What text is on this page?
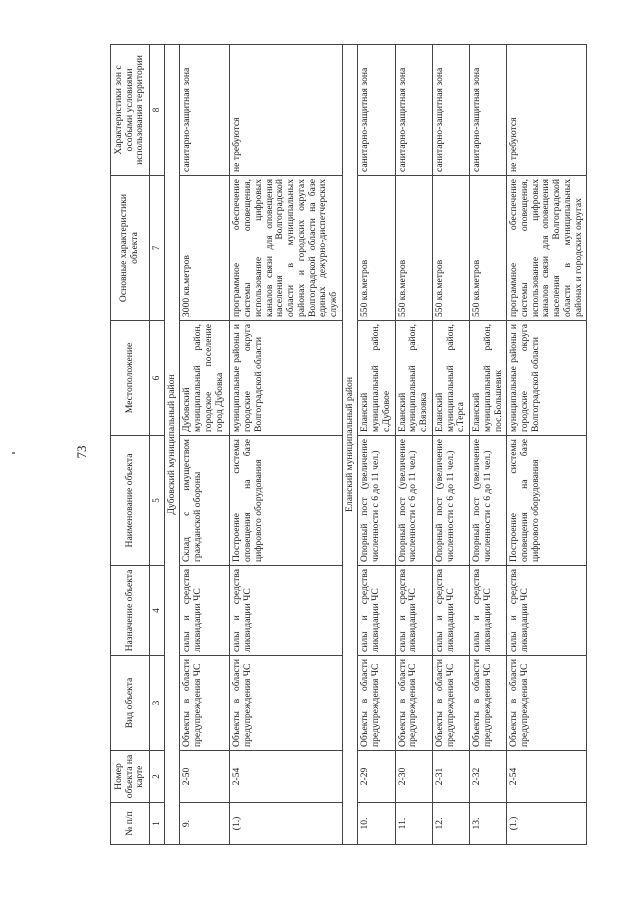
73
№ п/п	Номер объекта на карте	Вид объекта	Назначение объекта	Наименование объекта	Местоположение	Основные характеристики объекта	Характеристики зон с особыми условиями использования территории
1	2	3	4	5	6	7	8
Дубовский муниципальный район							
9.	2-50	Объекты в области предупреждения ЧС	силы и средства ликвидации ЧС	Склад с имуществом гражданской обороны	Дубовский муниципальный район, городское поселение город Дубовка	3000 кв.метров	санитарно-защитная зона
(1.)	2-54	Объекты в области предупреждения ЧС	силы и средства ликвидации ЧС	Построение системы оповещения на базе цифрового оборудования	муниципальные районы и городские округа Волгоградской области	программное обеспечение системы оповещения, использование цифровых каналов связи для оповещения населения Волгоградской области в муниципальных районах и городских округах Волгоградской области на базе единых дежурно-диспетчерских служб	не требуются
Еланский муниципальный район							
10.	2-29	Объекты в области предупреждения ЧС	силы и средства ликвидации ЧС	Опорный пост (увеличение численности с 6 до 11 чел.)	Еланский муниципальный район, с.Дубовое	550 кв.метров	санитарно-защитная зона
11.	2-30	Объекты в области предупреждения ЧС	силы и средства ликвидации ЧС	Опорный пост (увеличение численности с 6 до 11 чел.)	Еланский муниципальный район, с.Вязовка	550 кв.метров	санитарно-защитная зона
12.	2-31	Объекты в области предупреждения ЧС	силы и средства ликвидации ЧС	Опорный пост (увеличение численности с 6 до 11 чел.)	Еланский муниципальный район, с.Терса	550 кв.метров	санитарно-защитная зона
13.	2-32	Объекты в области предупреждения ЧС	силы и средства ликвидации ЧС	Опорный пост (увеличение численности с 6 до 11 чел.)	Еланский муниципальный район, пос.Большевик	550 кв.метров	санитарно-защитная зона
(1.)	2-54	Объекты в области предупреждения ЧС	силы и средства ликвидации ЧС	Построение системы оповещения на базе цифрового оборудования	муниципальные районы и городские округа Волгоградской области	программное обеспечение системы оповещения, использование цифровых каналов связи для оповещения населения Волгоградской области в муниципальных районах и городских округах	не требуются
